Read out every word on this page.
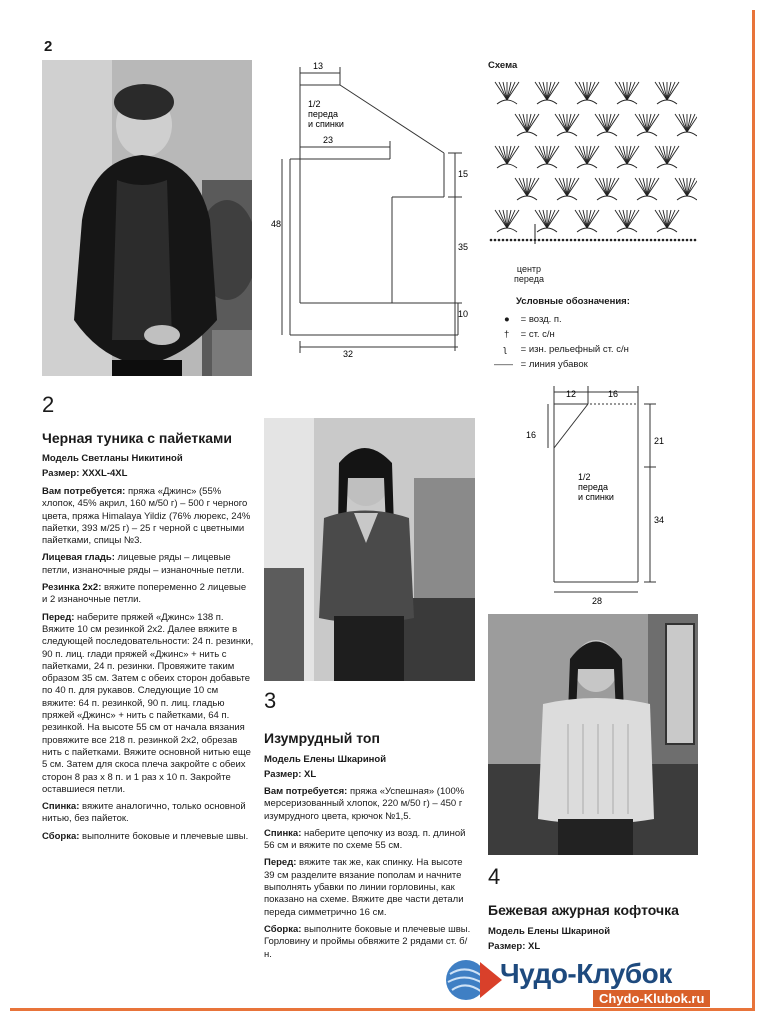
2
13
1/2
переда
и спинки
23
48
15
35
10
32
Схема
центр
переда
Условные обозначения:
● = возд. п.
† = ст. с/н
ʅ = изн. рельефный ст. с/н
—— = линия убавок
12	16
16
21
34
28
1/2
переда
и спинки
2
Черная туника с пайетками
Модель Светланы Никитиной
Размер: XXXL-4XL

Вам потребуется: пряжа «Джинс» (55% хлопок, 45% акрил, 160 м/50 г) – 500 г черного цвета, пряжа Himalaya Yildiz (76% люрекс, 24% пайетки, 393 м/25 г) – 25 г черной с цветными пайетками, спицы №3.

Лицевая гладь: лицевые ряды – лицевые петли, изнаночные ряды – изнаночные петли.

Резинка 2х2: вяжите попеременно 2 лицевые и 2 изнаночные петли.

Перед: наберите пряжей «Джинс» 138 п. Вяжите 10 см резинкой 2х2. Далее вяжите в следующей последовательности: 24 п. резинки, 90 п. лиц. глади пряжей «Джинс» + нить с пайетками, 24 п. резинки. Провяжите таким образом 35 см. Затем с обеих сторон добавьте по 40 п. для рукавов. Следующие 10 см вяжите: 64 п. резинкой, 90 п. лиц. гладью пряжей «Джинс» + нить с пайетками, 64 п. резинкой. На высоте 55 см от начала вязания провяжите все 218 п. резинкой 2х2, обрезав нить с пайетками. Вяжите основной нитью еще 5 см. Затем для скоса плеча закройте с обеих сторон 8 раз x 8 п. и 1 раз x 10 п. Закройте оставшиеся петли.

Спинка: вяжите аналогично, только основной нитью, без пайеток.

Сборка: выполните боковые и плечевые швы.

3
Изумрудный топ
Модель Елены Шкариной
Размер: XL

Вам потребуется: пряжа «Успешная» (100% мерсеризованный хлопок, 220 м/50 г) – 450 г изумрудного цвета, крючок №1,5.

Спинка: наберите цепочку из возд. п. длиной 56 см и вяжите по схеме 55 см.

Перед: вяжите так же, как спинку. На высоте 39 см разделите вязание пополам и начните выполнять убавки по линии горловины, как показано на схеме. Вяжите две части детали переда симметрично 16 см.

Сборка: выполните боковые и плечевые швы. Горловину и проймы обвяжите 2 рядами ст. б/н.

4
Бежевая ажурная кофточка
Модель Елены Шкариной
Размер: XL
Чудо-Клубок
Chydo-Klubok.ru
